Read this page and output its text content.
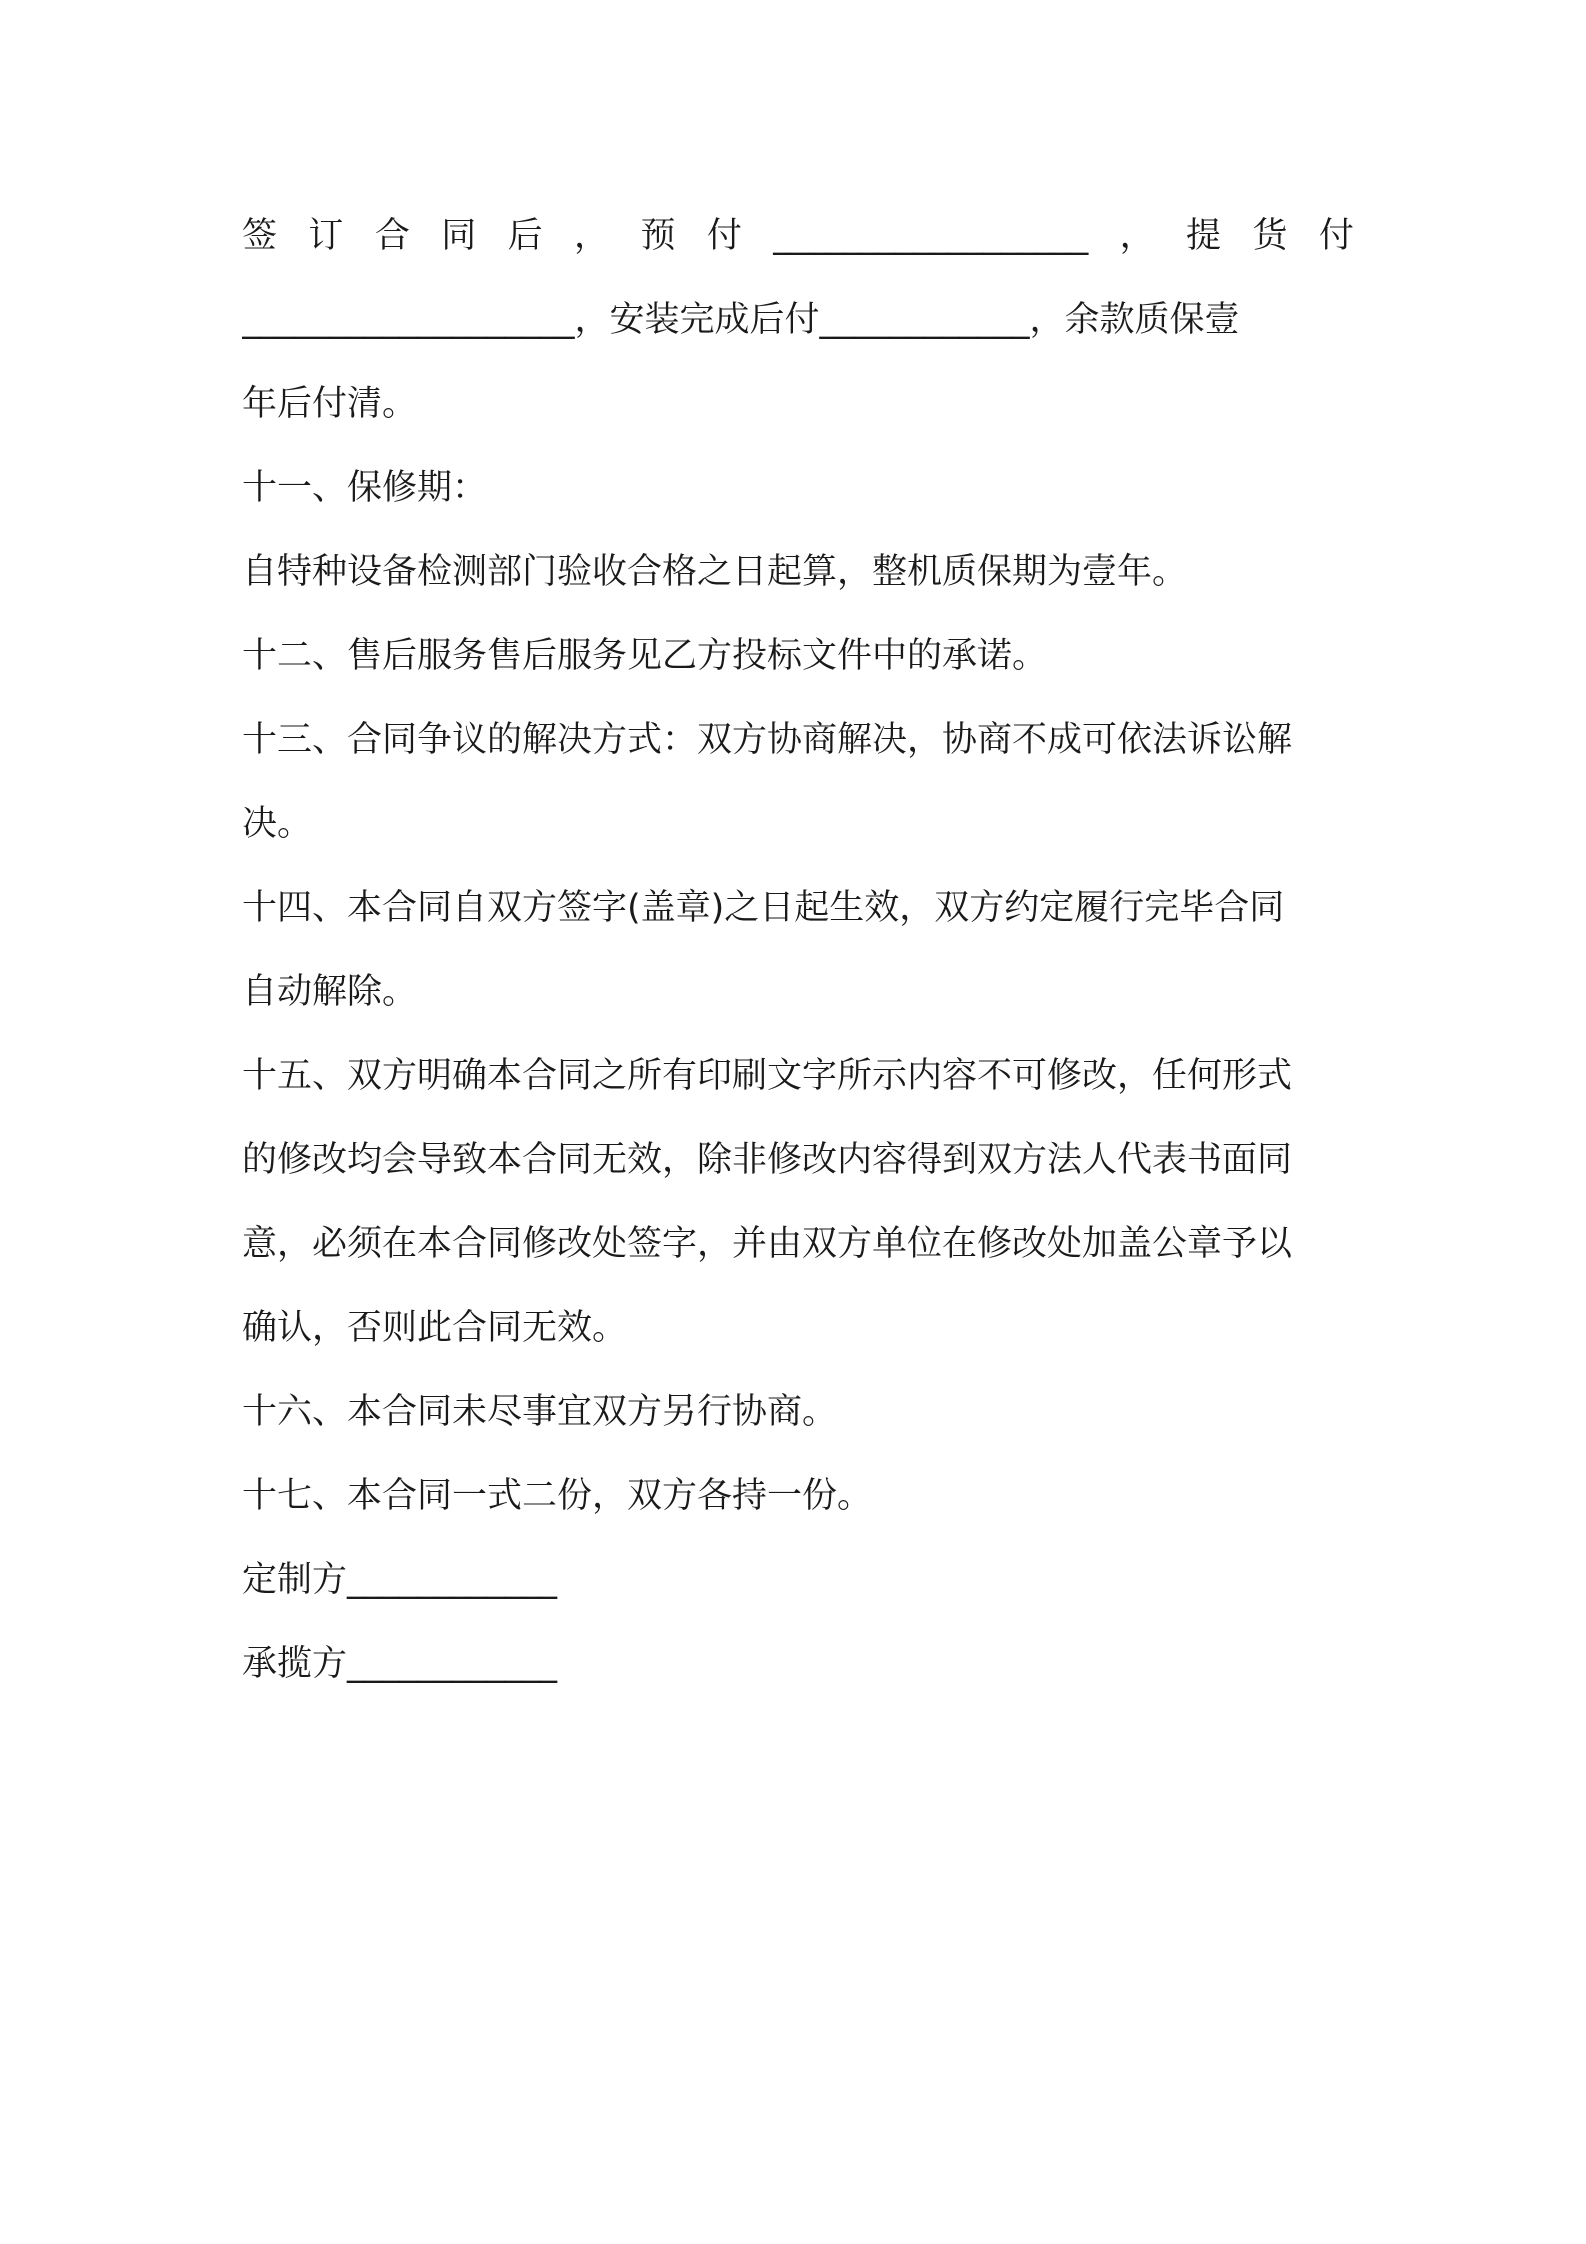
签 订 合 同 后 ， 预 付 __________________ ， 提 货 付
___________________，安装完成后付____________，余款质保壹
年后付清。
十一、保修期：
自特种设备检测部门验收合格之日起算，整机质保期为壹年。
十二、售后服务售后服务见乙方投标文件中的承诺。
十三、合同争议的解决方式：双方协商解决，协商不成可依法诉讼解
决。
十四、本合同自双方签字(盖章)之日起生效，双方约定履行完毕合同
自动解除。
十五、双方明确本合同之所有印刷文字所示内容不可修改，任何形式
的修改均会导致本合同无效，除非修改内容得到双方法人代表书面同
意，必须在本合同修改处签字，并由双方单位在修改处加盖公章予以
确认，否则此合同无效。
十六、本合同未尽事宜双方另行协商。
十七、本合同一式二份，双方各持一份。
定制方____________
承揽方____________
